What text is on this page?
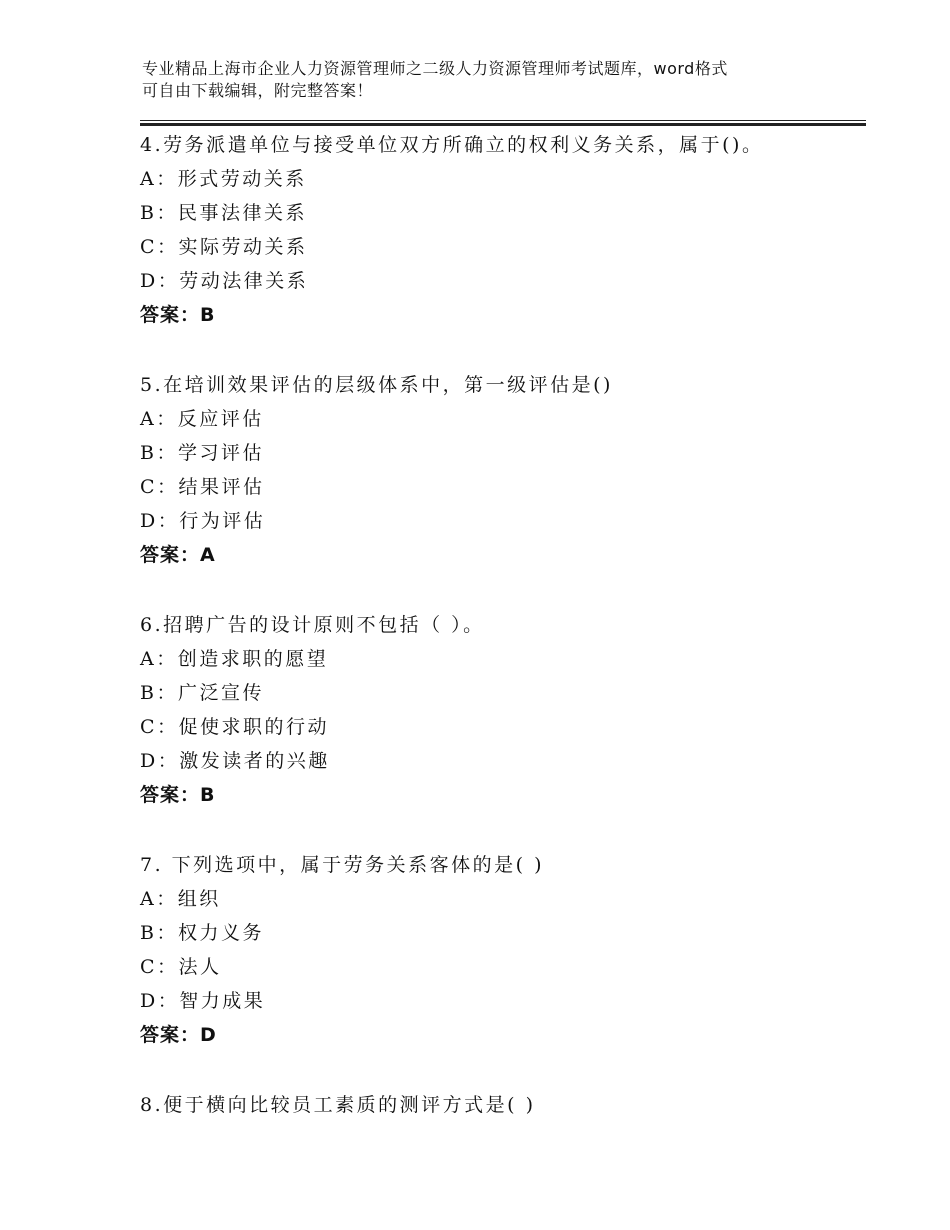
专业精品上海市企业人力资源管理师之二级人力资源管理师考试题库，word格式
可自由下载编辑，附完整答案！
4.劳务派遣单位与接受单位双方所确立的权利义务关系，属于()。
A：形式劳动关系
B：民事法律关系
C：实际劳动关系
D：劳动法律关系
答案：B
5.在培训效果评估的层级体系中，第一级评估是()
A：反应评估
B：学习评估
C：结果评估
D：行为评估
答案：A
6.招聘广告的设计原则不包括（ ）。
A：创造求职的愿望
B：广泛宣传
C：促使求职的行动
D：激发读者的兴趣
答案：B
7. 下列选项中，属于劳务关系客体的是( )
A：组织
B：权力义务
C：法人
D：智力成果
答案：D
8.便于横向比较员工素质的测评方式是( )
